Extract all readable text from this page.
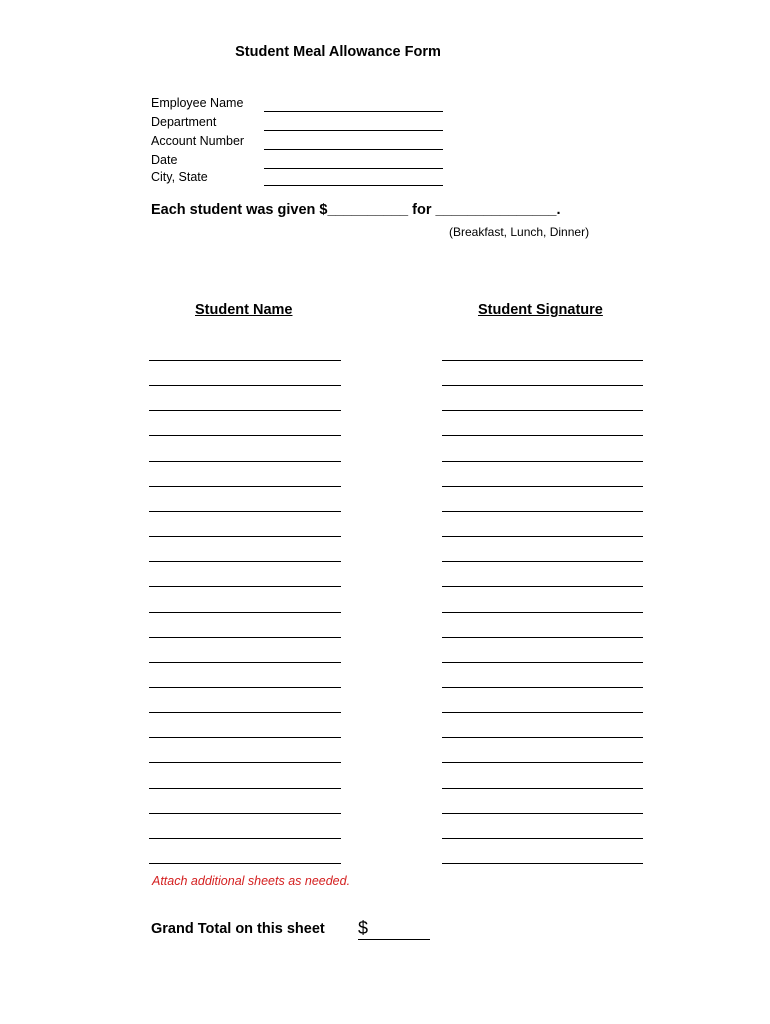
Student Meal Allowance Form
Employee Name
Department
Account Number
Date
City, State
Each student was given $__________ for _______________.
(Breakfast, Lunch, Dinner)
Student Name	Student Signature
Attach additional sheets as needed.
Grand Total on this sheet $
